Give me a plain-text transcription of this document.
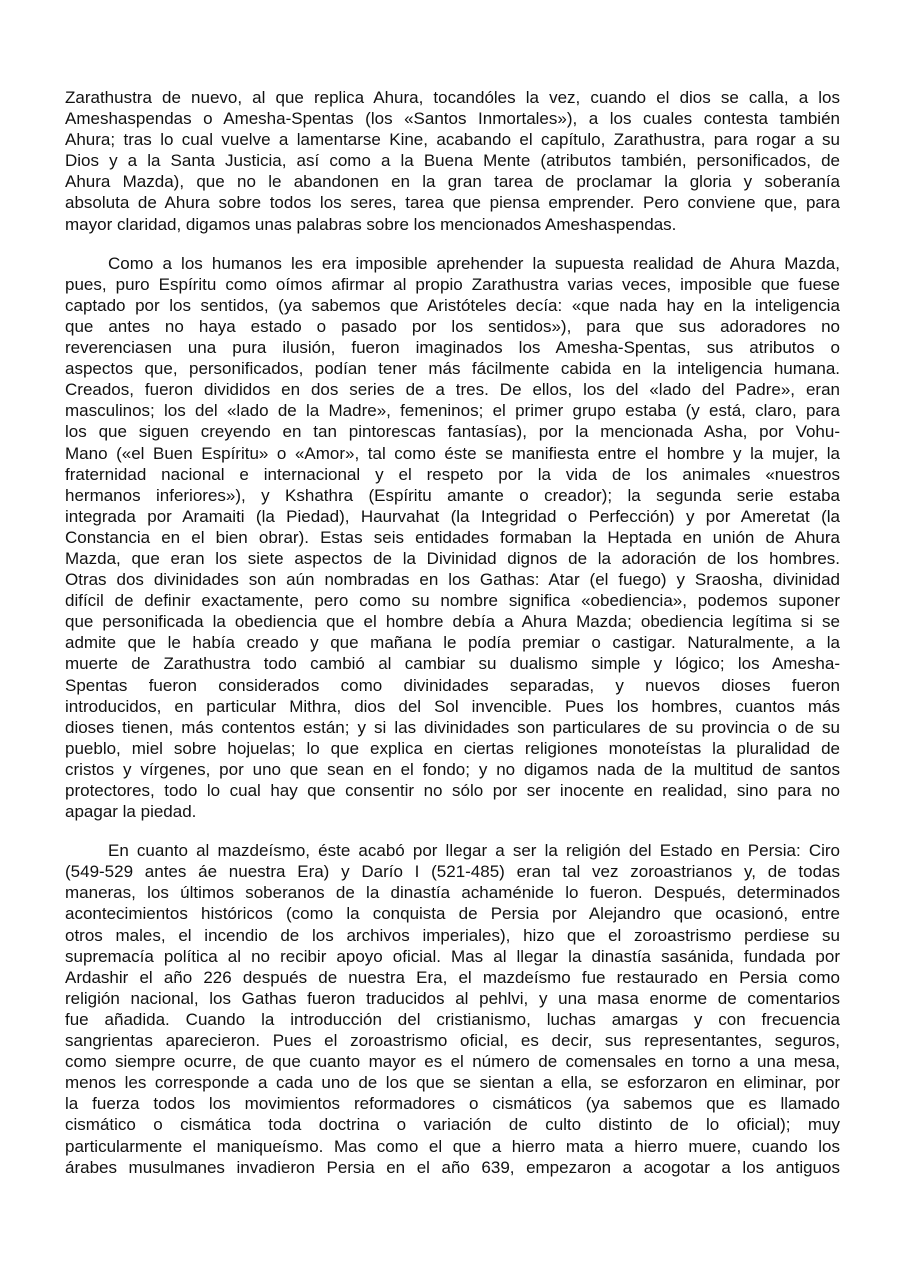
Zarathustra de nuevo, al que replica Ahura, tocandóles la vez, cuando el dios se calla, a los
Ameshaspendas o Amesha-Spentas (los «Santos Inmortales»), a los cuales contesta también
Ahura; tras lo cual vuelve a lamentarse Kine, acabando el capítulo, Zarathustra, para rogar a su
Dios y a la Santa Justicia, así como a la Buena Mente (atributos también, personificados, de
Ahura Mazda), que no le abandonen en la gran tarea de proclamar la gloria y soberanía
absoluta de Ahura sobre todos los seres, tarea que piensa emprender. Pero conviene que, para
mayor claridad, digamos unas palabras sobre los mencionados Ameshaspendas.
Como a los humanos les era imposible aprehender la supuesta realidad de Ahura Mazda,
pues, puro Espíritu como oímos afirmar al propio Zarathustra varias veces, imposible que fuese
captado por los sentidos, (ya sabemos que Aristóteles decía: «que nada hay en la inteligencia
que antes no haya estado o pasado por los sentidos»), para que sus adoradores no
reverenciasen una pura ilusión, fueron imaginados los Amesha-Spentas, sus atributos o
aspectos que, personificados, podían tener más fácilmente cabida en la inteligencia humana.
Creados, fueron divididos en dos series de a tres. De ellos, los del «lado del Padre», eran
masculinos; los del «lado de la Madre», femeninos; el primer grupo estaba (y está, claro, para
los que siguen creyendo en tan pintorescas fantasías), por la mencionada Asha, por Vohu-
Mano («el Buen Espíritu» o «Amor», tal como éste se manifiesta entre el hombre y la mujer, la
fraternidad nacional e internacional y el respeto por la vida de los animales «nuestros
hermanos inferiores»), y Kshathra (Espíritu amante o creador); la segunda serie estaba
integrada por Aramaiti (la Piedad), Haurvahat (la Integridad o Perfección) y por Ameretat (la
Constancia en el bien obrar). Estas seis entidades formaban la Heptada en unión de Ahura
Mazda, que eran los siete aspectos de la Divinidad dignos de la adoración de los hombres.
Otras dos divinidades son aún nombradas en los Gathas: Atar (el fuego) y Sraosha, divinidad
difícil de definir exactamente, pero como su nombre significa «obediencia», podemos suponer
que personificada la obediencia que el hombre debía a Ahura Mazda; obediencia legítima si se
admite que le había creado y que mañana le podía premiar o castigar. Naturalmente, a la
muerte de Zarathustra todo cambió al cambiar su dualismo simple y lógico; los Amesha-
Spentas fueron considerados como divinidades separadas, y nuevos dioses fueron
introducidos, en particular Mithra, dios del Sol invencible. Pues los hombres, cuantos más
dioses tienen, más contentos están; y si las divinidades son particulares de su provincia o de su
pueblo, miel sobre hojuelas; lo que explica en ciertas religiones monoteístas la pluralidad de
cristos y vírgenes, por uno que sean en el fondo; y no digamos nada de la multitud de santos
protectores, todo lo cual hay que consentir no sólo por ser inocente en realidad, sino para no
apagar la piedad.
En cuanto al mazdeísmo, éste acabó por llegar a ser la religión del Estado en Persia: Ciro
(549-529 antes áe nuestra Era) y Darío I (521-485) eran tal vez zoroastrianos y, de todas
maneras, los últimos soberanos de la dinastía achaménide lo fueron. Después, determinados
acontecimientos históricos (como la conquista de Persia por Alejandro que ocasionó, entre
otros males, el incendio de los archivos imperiales), hizo que el zoroastrismo perdiese su
supremacía política al no recibir apoyo oficial. Mas al llegar la dinastía sasánida, fundada por
Ardashir el año 226 después de nuestra Era, el mazdeísmo fue restaurado en Persia como
religión nacional, los Gathas fueron traducidos al pehlvi, y una masa enorme de comentarios
fue añadida. Cuando la introducción del cristianismo, luchas amargas y con frecuencia
sangrientas aparecieron. Pues el zoroastrismo oficial, es decir, sus representantes, seguros,
como siempre ocurre, de que cuanto mayor es el número de comensales en torno a una mesa,
menos les corresponde a cada uno de los que se sientan a ella, se esforzaron en eliminar, por
la fuerza todos los movimientos reformadores o cismáticos (ya sabemos que es llamado
cismático o cismática toda doctrina o variación de culto distinto de lo oficial); muy
particularmente el maniqueísmo. Mas como el que a hierro mata a hierro muere, cuando los
árabes musulmanes invadieron Persia en el año 639, empezaron a acogotar a los antiguos
